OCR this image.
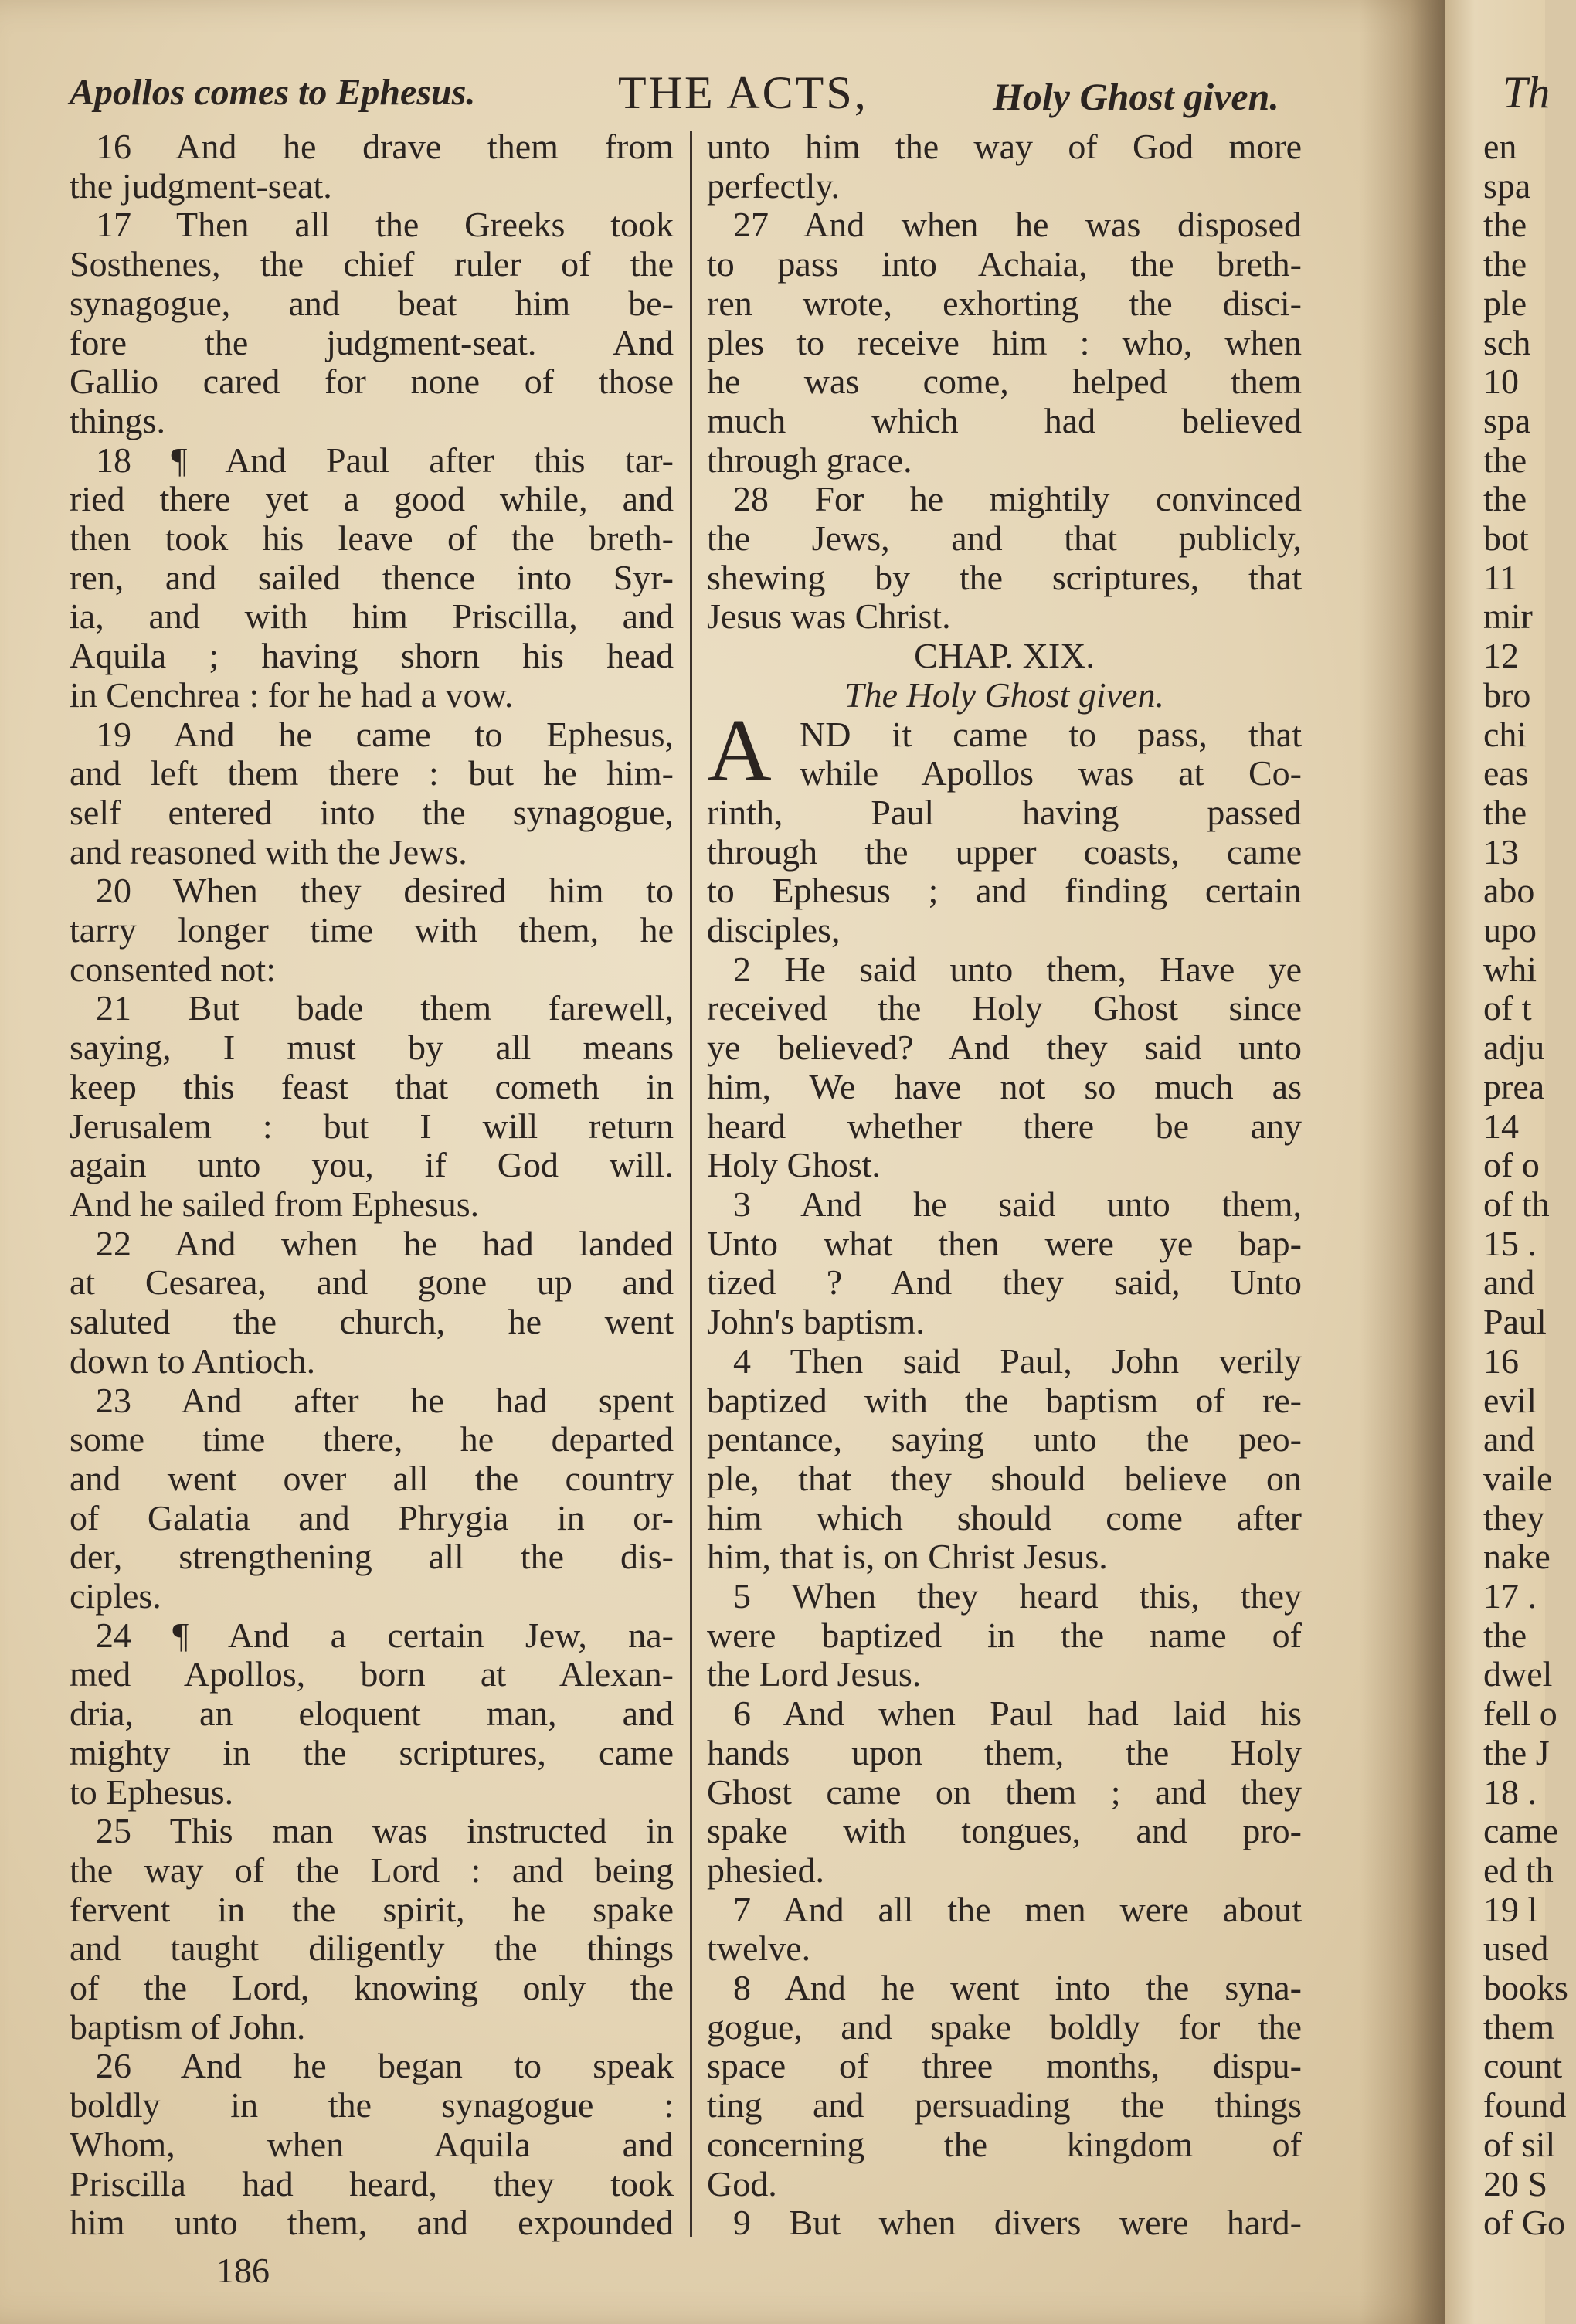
Apollos comes to Ephesus.	THE ACTS,	Holy Ghost given.
16 And he drave them from
the judgment-seat.
17 Then all the Greeks took
Sosthenes, the chief ruler of the
synagogue, and beat him be-
fore the judgment-seat. And
Gallio cared for none of those
things.
18 ¶ And Paul after this tar-
ried there yet a good while, and
then took his leave of the breth-
ren, and sailed thence into Syr-
ia, and with him Priscilla, and
Aquila ; having shorn his head
in Cenchrea : for he had a vow.
19 And he came to Ephesus,
and left them there : but he him-
self entered into the synagogue,
and reasoned with the Jews.
20 When they desired him to
tarry longer time with them, he
consented not:
21 But bade them farewell,
saying, I must by all means
keep this feast that cometh in
Jerusalem : but I will return
again unto you, if God will.
And he sailed from Ephesus.
22 And when he had landed
at Cesarea, and gone up and
saluted the church, he went
down to Antioch.
23 And after he had spent
some time there, he departed
and went over all the country
of Galatia and Phrygia in or-
der, strengthening all the dis-
ciples.
24 ¶ And a certain Jew, na-
med Apollos, born at Alexan-
dria, an eloquent man, and
mighty in the scriptures, came
to Ephesus.
25 This man was instructed in
the way of the Lord : and being
fervent in the spirit, he spake
and taught diligently the things
of the Lord, knowing only the
baptism of John.
26 And he began to speak
boldly in the synagogue :
Whom, when Aquila and
Priscilla had heard, they took
him unto them, and expounded
unto him the way of God more
perfectly.
27 And when he was disposed
to pass into Achaia, the breth-
ren wrote, exhorting the disci-
ples to receive him : who, when
he was come, helped them
much which had believed
through grace.
28 For he mightily convinced
the Jews, and that publicly,
shewing by the scriptures, that
Jesus was Christ.
CHAP. XIX.
The Holy Ghost given.
ND it came to pass, that
while Apollos was at Co-
rinth, Paul having passed
through the upper coasts, came
to Ephesus ; and finding certain
disciples,
2 He said unto them, Have ye
received the Holy Ghost since
ye believed? And they said unto
him, We have not so much as
heard whether there be any
Holy Ghost.
3 And he said unto them,
Unto what then were ye bap-
tized ? And they said, Unto
John's baptism.
4 Then said Paul, John verily
baptized with the baptism of re-
pentance, saying unto the peo-
ple, that they should believe on
him which should come after
him, that is, on Christ Jesus.
5 When they heard this, they
were baptized in the name of
the Lord Jesus.
6 And when Paul had laid his
hands upon them, the Holy
Ghost came on them ; and they
spake with tongues, and pro-
phesied.
7 And all the men were about
twelve.
8 And he went into the syna-
gogue, and spake boldly for the
space of three months, dispu-
ting and persuading the things
concerning the kingdom of
God.
9 But when divers were hard-
A
186
Th
en
spa
the
the
ple
sch
10
spa
the
the
bot
11
mir
12
bro
chi
eas
the
13
abo
upo
whi
of t
adju
prea
14
of o
of th
15 .
and
Paul
16
evil
and
vaile
they
nake
17 .
the
dwel
fell o
the J
18 .
came
ed th
19 l
used
books
them
count
found
of sil
20 S
of Go
